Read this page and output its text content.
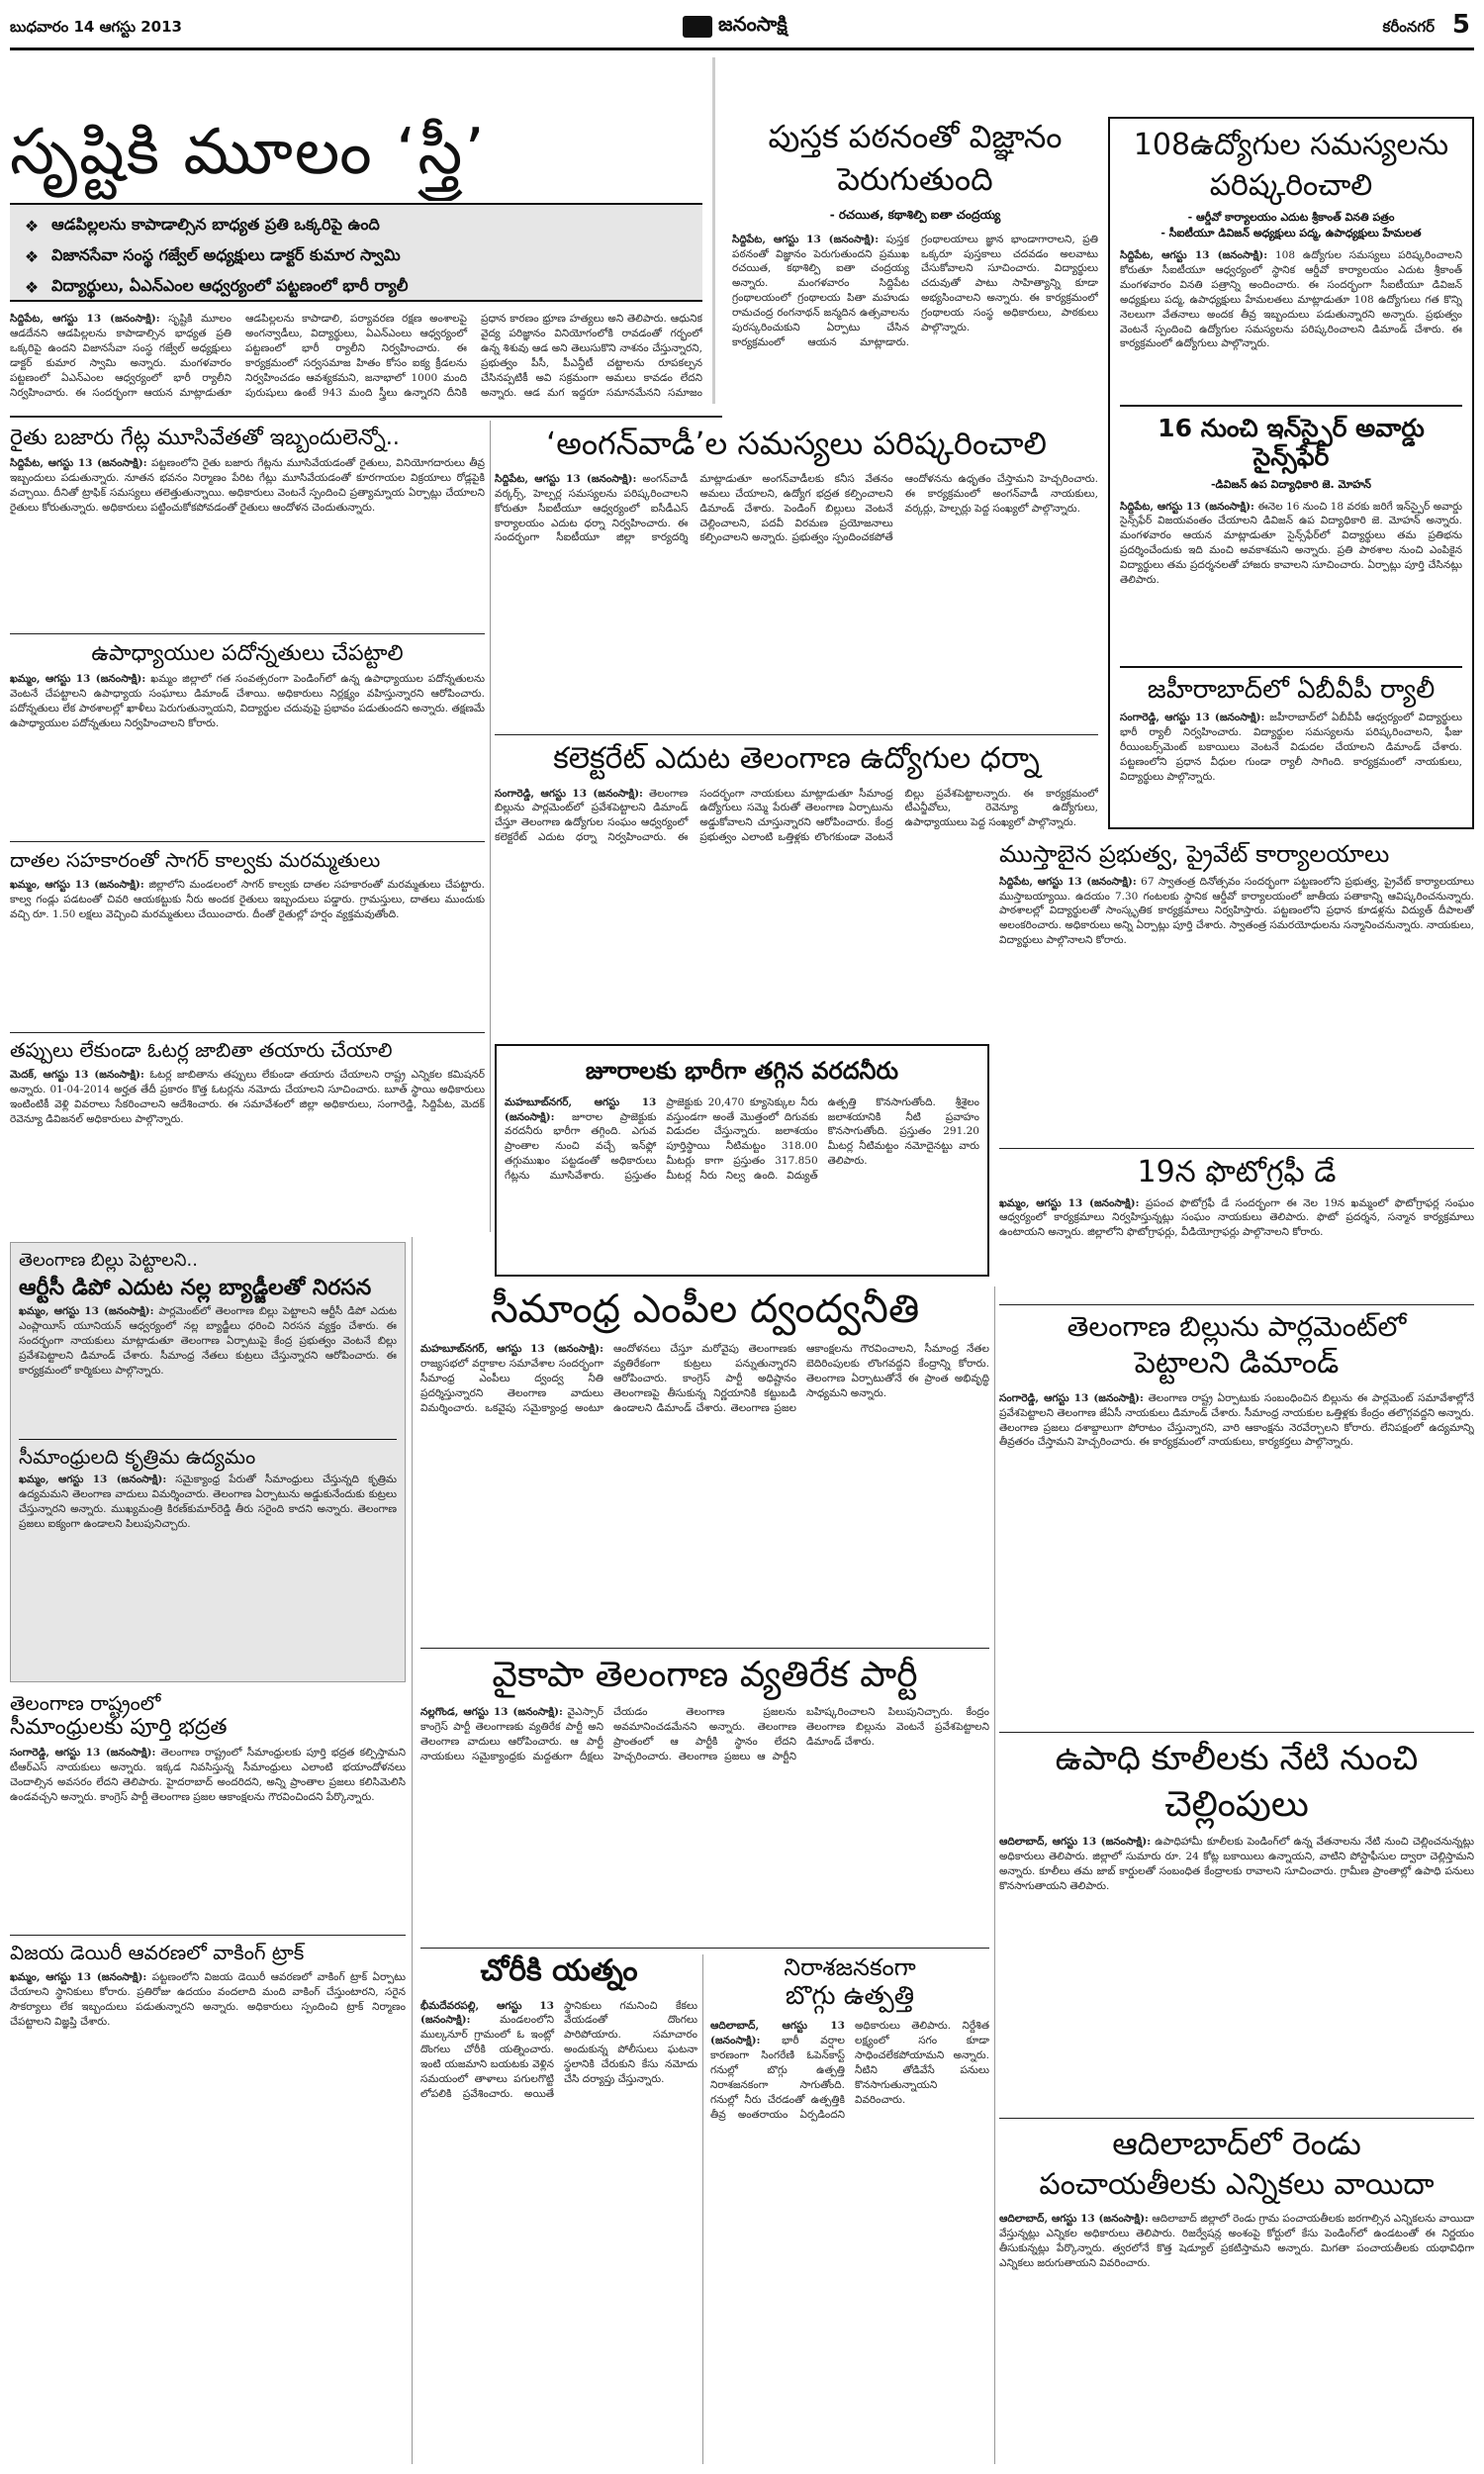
బుధవారం 14 ఆగస్టు 2013	జనంసాక్షి	కరీంనగర్ 5
సృష్టికి మూలం ‘స్త్రీ’
❖ ఆడపిల్లలను కాపాడాల్సిన బాధ్యత ప్రతి ఒక్కరిపై ఉంది
❖ విజానసేవా సంస్థ గజ్వేల్ అధ్యక్షులు డాక్టర్ కుమార స్వామి
❖ విద్యార్థులు, ఏఎన్ఎంల ఆధ్వర్యంలో పట్టణంలో భారీ ర్యాలీ
సిద్దిపేట, ఆగస్టు 13 (జనంసాక్షి): సృష్టికి మూలం ఆడదేనని ఆడపిల్లలను కాపాడాల్సిన భాధ్యత ప్రతి ఒక్కరిపై ఉందని విజానసేవా సంస్థ గజ్వేల్ అధ్యక్షులు డాక్టర్ కుమార స్వామి అన్నారు. మంగళవారం పట్టణంలో ఏఎన్ఎంల ఆధ్వర్యంలో భారీ ర్యాలీని నిర్వహించారు. ఈ సందర్భంగా ఆయన మాట్లాడుతూ ఆడపిల్లలను కాపాడాలి, పర్యావరణ రక్షణ అంశాలపై అంగన్వాడీలు, విద్యార్థులు, ఏఎన్ఎంలు ఆధ్వర్యంలో పట్టణంలో భారీ ర్యాలీని నిర్వహించారు. ఈ కార్యక్రమంలో సర్వసమాజ హితం కోసం ఐక్య క్రీడలను నిర్వహించడం ఆవశ్యకమని, జనాభాలో 1000 మంది పురుషులు ఉంటే 943 మంది స్త్రీలు ఉన్నారని దీనికి ప్రధాన కారణం భ్రూణ హత్యలు అని తెలిపారు. ఆధునిక వైద్య పరిజ్ఞానం వినియోగంలోకి రావడంతో గర్భంలో ఉన్న శిశువు ఆడ అని తెలుసుకొని నాశనం చేస్తున్నారని, ప్రభుత్వం పీసీ, పీఎన్డీటీ చట్టాలను రూపకల్పన చేసినప్పటికీ అవి సక్రమంగా అమలు కావడం లేదని అన్నారు. ఆడ మగ ఇద్దరూ సమానమేనని సమాజం
పుస్తక పఠనంతో విజ్ఞానం
పెరుగుతుంది
- రచయిత, కథాశిల్పి ఐతా చంద్రయ్య
సిద్దిపేట, ఆగస్టు 13 (జనంసాక్షి): పుస్తక పఠనంతో విజ్ఞానం పెరుగుతుందని ప్రముఖ రచయిత, కథాశిల్పి ఐతా చంద్రయ్య అన్నారు. మంగళవారం సిద్దిపేట గ్రంథాలయంలో గ్రంథాలయ పితా మహుడు రామచంద్ర రంగనాథన్ జన్మదిన ఉత్సవాలను పురస్కరించుకుని ఏర్పాటు చేసిన కార్యక్రమంలో ఆయన మాట్లాడారు. గ్రంథాలయాలు జ్ఞాన భాండాగారాలని, ప్రతి ఒక్కరూ పుస్తకాలు చదవడం అలవాటు చేసుకోవాలని సూచించారు. విద్యార్థులు చదువుతో పాటు సాహిత్యాన్ని కూడా అభ్యసించాలని అన్నారు. ఈ కార్యక్రమంలో గ్రంథాలయ సంస్థ అధికారులు, పాఠకులు పాల్గొన్నారు.
108ఉద్యోగుల సమస్యలను
పరిష్కరించాలి
- ఆర్డీవో కార్యాలయం ఎదుట శ్రీకాంత్ వినతి పత్రం
- సీఐటీయూ డివిజన్ అధ్యక్షులు పద్మ, ఉపాధ్యక్షులు హేమలత
సిద్దిపేట, ఆగస్టు 13 (జనంసాక్షి): 108 ఉద్యోగుల సమస్యలు పరిష్కరించాలని కోరుతూ సీఐటీయూ ఆధ్వర్యంలో స్థానిక ఆర్డీవో కార్యాలయం ఎదుట శ్రీకాంత్ మంగళవారం వినతి పత్రాన్ని అందించారు. ఈ సందర్భంగా సీఐటీయూ డివిజన్ అధ్యక్షులు పద్మ, ఉపాధ్యక్షులు హేమలతలు మాట్లాడుతూ 108 ఉద్యోగులు గత కొన్ని నెలలుగా వేతనాలు అందక తీవ్ర ఇబ్బందులు పడుతున్నారని అన్నారు. ప్రభుత్వం వెంటనే స్పందించి ఉద్యోగుల సమస్యలను పరిష్కరించాలని డిమాండ్ చేశారు. ఈ కార్యక్రమంలో ఉద్యోగులు పాల్గొన్నారు.
16 నుంచి ఇన్‌స్పైర్ అవార్డు సైన్స్‌ఫేర్
-డివిజన్ ఉప విద్యాధికారి జె. మోహన్
సిద్దిపేట, ఆగస్టు 13 (జనంసాక్షి): ఈనెల 16 నుంచి 18 వరకు జరిగే ఇన్‌స్పైర్ అవార్డు సైన్స్‌ఫేర్ విజయవంతం చేయాలని డివిజన్ ఉప విద్యాధికారి జె. మోహన్ అన్నారు. మంగళవారం ఆయన మాట్లాడుతూ సైన్స్‌ఫేర్‌లో విద్యార్థులు తమ ప్రతిభను ప్రదర్శించేందుకు ఇది మంచి అవకాశమని అన్నారు. ప్రతి పాఠశాల నుంచి ఎంపికైన విద్యార్థులు తమ ప్రదర్శనలతో హాజరు కావాలని సూచించారు. ఏర్పాట్లు పూర్తి చేసినట్లు తెలిపారు.
జహీరాబాద్‌లో ఏబీవీపీ ర్యాలీ
సంగారెడ్డి, ఆగస్టు 13 (జనంసాక్షి): జహీరాబాద్‌లో ఏబీవీపీ ఆధ్వర్యంలో విద్యార్థులు భారీ ర్యాలీ నిర్వహించారు. విద్యార్థుల సమస్యలను పరిష్కరించాలని, ఫీజు రీయింబర్స్‌మెంట్ బకాయిలు వెంటనే విడుదల చేయాలని డిమాండ్ చేశారు. పట్టణంలోని ప్రధాన వీధుల గుండా ర్యాలీ సాగింది. కార్యక్రమంలో నాయకులు, విద్యార్థులు పాల్గొన్నారు.
రైతు బజారు గేట్ల మూసివేతతో ఇబ్బందులెన్నో..
సిద్దిపేట, ఆగస్టు 13 (జనంసాక్షి): పట్టణంలోని రైతు బజారు గేట్లను మూసివేయడంతో రైతులు, వినియోగదారులు తీవ్ర ఇబ్బందులు పడుతున్నారు. నూతన భవనం నిర్మాణం పేరిట గేట్లు మూసివేయడంతో కూరగాయల విక్రయాలు రోడ్లపైకి వచ్చాయి. దీనితో ట్రాఫిక్ సమస్యలు తలెత్తుతున్నాయి. అధికారులు వెంటనే స్పందించి ప్రత్యామ్నాయ ఏర్పాట్లు చేయాలని రైతులు కోరుతున్నారు. అధికారులు పట్టించుకోకపోవడంతో రైతులు ఆందోళన చెందుతున్నారు.
ఉపాధ్యాయుల పదోన్నతులు చేపట్టాలి
ఖమ్మం, ఆగస్టు 13 (జనంసాక్షి): ఖమ్మం జిల్లాలో గత సంవత్సరంగా పెండింగ్‌లో ఉన్న ఉపాధ్యాయుల పదోన్నతులను వెంటనే చేపట్టాలని ఉపాధ్యాయ సంఘాలు డిమాండ్ చేశాయి. అధికారులు నిర్లక్ష్యం వహిస్తున్నారని ఆరోపించారు. పదోన్నతులు లేక పాఠశాలల్లో ఖాళీలు పెరుగుతున్నాయని, విద్యార్థుల చదువుపై ప్రభావం పడుతుందని అన్నారు. తక్షణమే ఉపాధ్యాయుల పదోన్నతులు నిర్వహించాలని కోరారు.
దాతల సహకారంతో సాగర్ కాల్వకు మరమ్మతులు
ఖమ్మం, ఆగస్టు 13 (జనంసాక్షి): జిల్లాలోని మండలంలో సాగర్ కాల్వకు దాతల సహకారంతో మరమ్మతులు చేపట్టారు. కాల్వ గండ్లు పడటంతో చివరి ఆయకట్టుకు నీరు అందక రైతులు ఇబ్బందులు పడ్డారు. గ్రామస్తులు, దాతలు ముందుకు వచ్చి రూ. 1.50 లక్షలు వెచ్చించి మరమ్మతులు చేయించారు. దీంతో రైతుల్లో హర్షం వ్యక్తమవుతోంది.
తప్పులు లేకుండా ఓటర్ల జాబితా తయారు చేయాలి
మెదక్, ఆగస్టు 13 (జనంసాక్షి): ఓటర్ల జాబితాను తప్పులు లేకుండా తయారు చేయాలని రాష్ట్ర ఎన్నికల కమిషనర్ అన్నారు. 01-04-2014 అర్హత తేదీ ప్రకారం కొత్త ఓటర్లను నమోదు చేయాలని సూచించారు. బూత్ స్థాయి అధికారులు ఇంటింటికీ వెళ్లి వివరాలు సేకరించాలని ఆదేశించారు. ఈ సమావేశంలో జిల్లా అధికారులు, సంగారెడ్డి, సిద్దిపేట, మెదక్ రెవెన్యూ డివిజనల్ అధికారులు పాల్గొన్నారు.
‘అంగన్‌వాడీ’ల సమస్యలు పరిష్కరించాలి
సిద్దిపేట, ఆగస్టు 13 (జనంసాక్షి): అంగన్‌వాడీ వర్కర్స్, హెల్పర్ల సమస్యలను పరిష్కరించాలని కోరుతూ సీఐటీయూ ఆధ్వర్యంలో ఐసీడీఎస్ కార్యాలయం ఎదుట ధర్నా నిర్వహించారు. ఈ సందర్భంగా సీఐటీయూ జిల్లా కార్యదర్శి మాట్లాడుతూ అంగన్‌వాడీలకు కనీస వేతనం అమలు చేయాలని, ఉద్యోగ భద్రత కల్పించాలని డిమాండ్ చేశారు. పెండింగ్ బిల్లులు వెంటనే చెల్లించాలని, పదవీ విరమణ ప్రయోజనాలు కల్పించాలని అన్నారు. ప్రభుత్వం స్పందించకపోతే ఆందోళనను ఉధృతం చేస్తామని హెచ్చరించారు. ఈ కార్యక్రమంలో అంగన్‌వాడీ నాయకులు, వర్కర్లు, హెల్పర్లు పెద్ద సంఖ్యలో పాల్గొన్నారు.
కలెక్టరేట్ ఎదుట తెలంగాణ ఉద్యోగుల ధర్నా
సంగారెడ్డి, ఆగస్టు 13 (జనంసాక్షి): తెలంగాణ బిల్లును పార్లమెంట్‌లో ప్రవేశపెట్టాలని డిమాండ్ చేస్తూ తెలంగాణ ఉద్యోగుల సంఘం ఆధ్వర్యంలో కలెక్టరేట్ ఎదుట ధర్నా నిర్వహించారు. ఈ సందర్భంగా నాయకులు మాట్లాడుతూ సీమాంధ్ర ఉద్యోగులు సమ్మె పేరుతో తెలంగాణ ఏర్పాటును అడ్డుకోవాలని చూస్తున్నారని ఆరోపించారు. కేంద్ర ప్రభుత్వం ఎలాంటి ఒత్తిళ్లకు లొంగకుండా వెంటనే బిల్లు ప్రవేశపెట్టాలన్నారు. ఈ కార్యక్రమంలో టీఎన్జీవోలు, రెవెన్యూ ఉద్యోగులు, ఉపాధ్యాయులు పెద్ద సంఖ్యలో పాల్గొన్నారు.
జూరాలకు భారీగా తగ్గిన వరదనీరు
మహబూబ్‌నగర్, ఆగస్టు 13 (జనంసాక్షి): జూరాల ప్రాజెక్టుకు వరదనీరు భారీగా తగ్గింది. ఎగువ ప్రాంతాల నుంచి వచ్చే ఇన్‌ఫ్లో తగ్గుముఖం పట్టడంతో అధికారులు గేట్లను మూసివేశారు. ప్రస్తుతం ప్రాజెక్టుకు 20,470 క్యూసెక్కుల నీరు వస్తుండగా అంతే మొత్తంలో దిగువకు విడుదల చేస్తున్నారు. జలాశయం పూర్తిస్థాయి నీటిమట్టం 318.00 మీటర్లు కాగా ప్రస్తుతం 317.850 మీటర్ల నీరు నిల్వ ఉంది. విద్యుత్ ఉత్పత్తి కొనసాగుతోంది. శ్రీశైలం జలాశయానికి నీటి ప్రవాహం కొనసాగుతోంది. ప్రస్తుతం 291.20 మీటర్ల నీటిమట్టం నమోదైనట్టు వారు తెలిపారు.
ముస్తాబైన ప్రభుత్వ, ప్రైవేట్ కార్యాలయాలు
సిద్దిపేట, ఆగస్టు 13 (జనంసాక్షి): 67 స్వాతంత్ర దినోత్సవం సందర్భంగా పట్టణంలోని ప్రభుత్వ, ప్రైవేట్ కార్యాలయాలు ముస్తాబయ్యాయి. ఉదయం 7.30 గంటలకు స్థానిక ఆర్డీవో కార్యాలయంలో జాతీయ పతాకాన్ని ఆవిష్కరించనున్నారు. పాఠశాలల్లో విద్యార్థులతో సాంస్కృతిక కార్యక్రమాలు నిర్వహిస్తారు. పట్టణంలోని ప్రధాన కూడళ్లను విద్యుత్ దీపాలతో అలంకరించారు. అధికారులు అన్ని ఏర్పాట్లు పూర్తి చేశారు. స్వాతంత్ర సమరయోధులను సన్మానించనున్నారు. నాయకులు, విద్యార్థులు పాల్గొనాలని కోరారు.
19న ఫొటోగ్రఫీ డే
ఖమ్మం, ఆగస్టు 13 (జనంసాక్షి): ప్రపంచ ఫొటోగ్రఫీ డే సందర్భంగా ఈ నెల 19న ఖమ్మంలో ఫొటోగ్రాఫర్ల సంఘం ఆధ్వర్యంలో కార్యక్రమాలు నిర్వహిస్తున్నట్లు సంఘం నాయకులు తెలిపారు. ఫొటో ప్రదర్శన, సన్మాన కార్యక్రమాలు ఉంటాయని అన్నారు. జిల్లాలోని ఫొటోగ్రాఫర్లు, వీడియోగ్రాఫర్లు పాల్గొనాలని కోరారు.
తెలంగాణ బిల్లు పెట్టాలని..
ఆర్టీసీ డిపో ఎదుట నల్ల బ్యాడ్జీలతో నిరసన
ఖమ్మం, ఆగస్టు 13 (జనంసాక్షి): పార్లమెంట్‌లో తెలంగాణ బిల్లు పెట్టాలని ఆర్టీసీ డిపో ఎదుట ఎంప్లాయీస్ యూనియన్ ఆధ్వర్యంలో నల్ల బ్యాడ్జీలు ధరించి నిరసన వ్యక్తం చేశారు. ఈ సందర్భంగా నాయకులు మాట్లాడుతూ తెలంగాణ ఏర్పాటుపై కేంద్ర ప్రభుత్వం వెంటనే బిల్లు ప్రవేశపెట్టాలని డిమాండ్ చేశారు. సీమాంధ్ర నేతలు కుట్రలు చేస్తున్నారని ఆరోపించారు. ఈ కార్యక్రమంలో కార్మికులు పాల్గొన్నారు.
సీమాంధ్రులది కృత్రిమ ఉద్యమం
ఖమ్మం, ఆగస్టు 13 (జనంసాక్షి): సమైక్యాంధ్ర పేరుతో సీమాంధ్రులు చేస్తున్నది కృత్రిమ ఉద్యమమని తెలంగాణ వాదులు విమర్శించారు. తెలంగాణ ఏర్పాటును అడ్డుకునేందుకు కుట్రలు చేస్తున్నారని అన్నారు. ముఖ్యమంత్రి కిరణ్‌కుమార్‌రెడ్డి తీరు సరైంది కాదని అన్నారు. తెలంగాణ ప్రజలు ఐక్యంగా ఉండాలని పిలుపునిచ్చారు.
తెలంగాణ రాష్ట్రంలో
సీమాంధ్రులకు పూర్తి భద్రత
సంగారెడ్డి, ఆగస్టు 13 (జనంసాక్షి): తెలంగాణ రాష్ట్రంలో సీమాంధ్రులకు పూర్తి భద్రత కల్పిస్తామని టీఆర్ఎస్ నాయకులు అన్నారు. ఇక్కడ నివసిస్తున్న సీమాంధ్రులు ఎలాంటి భయాందోళనలు చెందాల్సిన అవసరం లేదని తెలిపారు. హైదరాబాద్ అందరిదని, అన్ని ప్రాంతాల ప్రజలు కలిసిమెలిసి ఉండవచ్చని అన్నారు. కాంగ్రెస్ పార్టీ తెలంగాణ ప్రజల ఆకాంక్షలను గౌరవించిందని పేర్కొన్నారు.
విజయ డెయిరీ ఆవరణలో వాకింగ్ ట్రాక్
ఖమ్మం, ఆగస్టు 13 (జనంసాక్షి): పట్టణంలోని విజయ డెయిరీ ఆవరణలో వాకింగ్ ట్రాక్ ఏర్పాటు చేయాలని స్థానికులు కోరారు. ప్రతిరోజు ఉదయం వందలాది మంది వాకింగ్ చేస్తుంటారని, సరైన సౌకర్యాలు లేక ఇబ్బందులు పడుతున్నారని అన్నారు. అధికారులు స్పందించి ట్రాక్ నిర్మాణం చేపట్టాలని విజ్ఞప్తి చేశారు.
సీమాంధ్ర ఎంపీల ద్వంద్వనీతి
మహబూబ్‌నగర్, ఆగస్టు 13 (జనంసాక్షి): రాజ్యసభలో వర్షాకాల సమావేశాల సందర్భంగా సీమాంధ్ర ఎంపీలు ద్వంద్వ నీతి ప్రదర్శిస్తున్నారని తెలంగాణ వాదులు విమర్శించారు. ఒకవైపు సమైక్యాంధ్ర అంటూ ఆందోళనలు చేస్తూ మరోవైపు తెలంగాణకు వ్యతిరేకంగా కుట్రలు పన్నుతున్నారని ఆరోపించారు. కాంగ్రెస్ పార్టీ అధిష్టానం తెలంగాణపై తీసుకున్న నిర్ణయానికి కట్టుబడి ఉండాలని డిమాండ్ చేశారు. తెలంగాణ ప్రజల ఆకాంక్షలను గౌరవించాలని, సీమాంధ్ర నేతల బెదిరింపులకు లొంగవద్దని కేంద్రాన్ని కోరారు. తెలంగాణ ఏర్పాటుతోనే ఈ ప్రాంత అభివృద్ధి సాధ్యమని అన్నారు.
వైకాపా తెలంగాణ వ్యతిరేక పార్టీ
నల్లగొండ, ఆగస్టు 13 (జనంసాక్షి): వైఎస్సార్ కాంగ్రెస్ పార్టీ తెలంగాణకు వ్యతిరేక పార్టీ అని తెలంగాణ వాదులు ఆరోపించారు. ఆ పార్టీ నాయకులు సమైక్యాంధ్రకు మద్దతుగా దీక్షలు చేయడం తెలంగాణ ప్రజలను అవమానించడమేనని అన్నారు. తెలంగాణ ప్రాంతంలో ఆ పార్టీకి స్థానం లేదని హెచ్చరించారు. తెలంగాణ ప్రజలు ఆ పార్టీని బహిష్కరించాలని పిలుపునిచ్చారు. కేంద్రం తెలంగాణ బిల్లును వెంటనే ప్రవేశపెట్టాలని డిమాండ్ చేశారు.
చోరీకి యత్నం
భీమదేవరపల్లి, ఆగస్టు 13 (జనంసాక్షి):	మండలంలోని ముల్కనూర్ గ్రామంలో ఓ ఇంట్లో దొంగలు చోరీకి యత్నించారు. ఇంటి యజమాని బయటకు వెళ్లిన సమయంలో తాళాలు పగులగొట్టి లోపలికి ప్రవేశించారు. అయితే స్థానికులు గమనించి కేకలు వేయడంతో దొంగలు పారిపోయారు. సమాచారం అందుకున్న పోలీసులు ఘటనా స్థలానికి చేరుకుని కేసు నమోదు చేసి దర్యాప్తు చేస్తున్నారు.
నిరాశజనకంగా
బొగ్గు ఉత్పత్తి
ఆదిలాబాద్, ఆగస్టు 13 (జనంసాక్షి): భారీ వర్షాల కారణంగా సింగరేణి ఓపెన్‌కాస్ట్ గనుల్లో బొగ్గు ఉత్పత్తి నిరాశజనకంగా సాగుతోంది. గనుల్లో నీరు చేరడంతో ఉత్పత్తికి తీవ్ర అంతరాయం ఏర్పడిందని అధికారులు తెలిపారు. నిర్దేశిత లక్ష్యంలో సగం కూడా సాధించలేకపోయామని అన్నారు. నీటిని తోడివేసే పనులు కొనసాగుతున్నాయని వివరించారు.
తెలంగాణ బిల్లును పార్లమెంట్‌లో
పెట్టాలని డిమాండ్
సంగారెడ్డి, ఆగస్టు 13 (జనంసాక్షి): తెలంగాణ రాష్ట్ర ఏర్పాటుకు సంబంధించిన బిల్లును ఈ పార్లమెంట్ సమావేశాల్లోనే ప్రవేశపెట్టాలని తెలంగాణ జేఏసీ నాయకులు డిమాండ్ చేశారు. సీమాంధ్ర నాయకుల ఒత్తిళ్లకు కేంద్రం తలొగ్గవద్దని అన్నారు. తెలంగాణ ప్రజలు దశాబ్దాలుగా పోరాటం చేస్తున్నారని, వారి ఆకాంక్షను నెరవేర్చాలని కోరారు. లేనిపక్షంలో ఉద్యమాన్ని తీవ్రతరం చేస్తామని హెచ్చరించారు. ఈ కార్యక్రమంలో నాయకులు, కార్యకర్తలు పాల్గొన్నారు.
ఉపాధి కూలీలకు నేటి నుంచి
చెల్లింపులు
ఆదిలాబాద్, ఆగస్టు 13 (జనంసాక్షి): ఉపాధిహామీ కూలీలకు పెండింగ్‌లో ఉన్న వేతనాలను నేటి నుంచి చెల్లించనున్నట్లు అధికారులు తెలిపారు. జిల్లాలో సుమారు రూ. 24 కోట్ల బకాయిలు ఉన్నాయని, వాటిని పోస్టాఫీసుల ద్వారా చెల్లిస్తామని అన్నారు. కూలీలు తమ జాబ్ కార్డులతో సంబంధిత కేంద్రాలకు రావాలని సూచించారు. గ్రామీణ ప్రాంతాల్లో ఉపాధి పనులు కొనసాగుతాయని తెలిపారు.
ఆదిలాబాద్‌లో రెండు
పంచాయతీలకు ఎన్నికలు వాయిదా
ఆదిలాబాద్, ఆగస్టు 13 (జనంసాక్షి): ఆదిలాబాద్ జిల్లాలో రెండు గ్రామ పంచాయతీలకు జరగాల్సిన ఎన్నికలను వాయిదా వేస్తున్నట్లు ఎన్నికల అధికారులు తెలిపారు. రిజర్వేషన్ల అంశంపై కోర్టులో కేసు పెండింగ్‌లో ఉండటంతో ఈ నిర్ణయం తీసుకున్నట్లు పేర్కొన్నారు. త్వరలోనే కొత్త షెడ్యూల్ ప్రకటిస్తామని అన్నారు. మిగతా పంచాయతీలకు యథావిధిగా ఎన్నికలు జరుగుతాయని వివరించారు.
